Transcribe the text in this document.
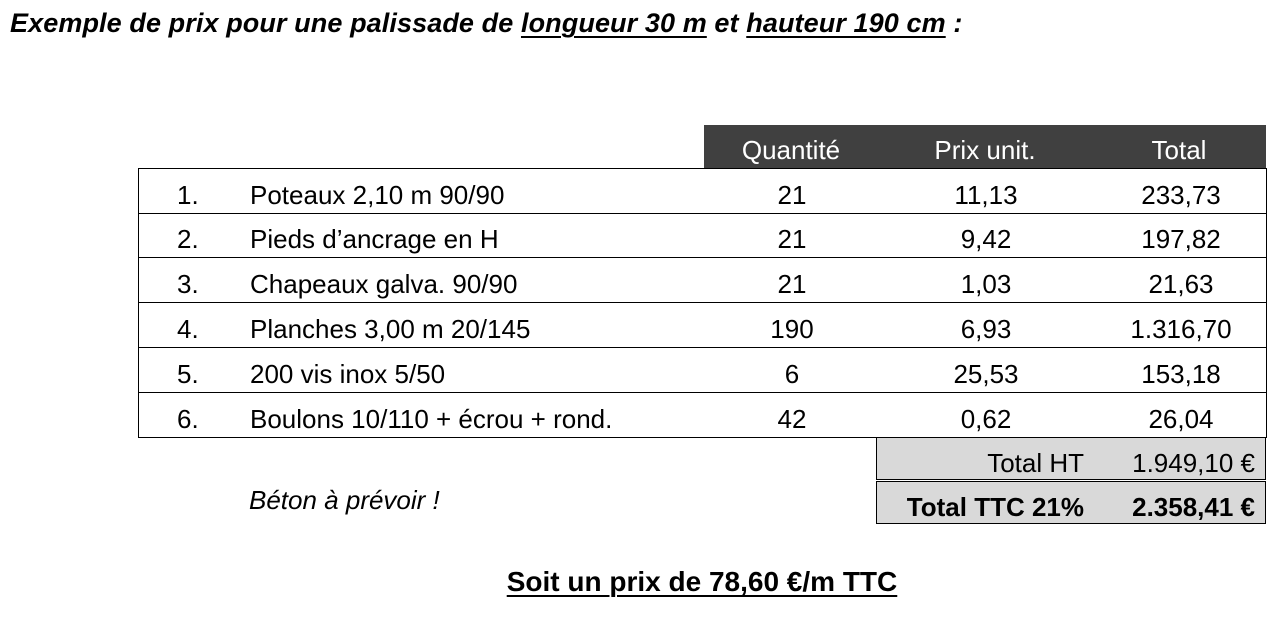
Exemple de prix pour une palissade de longueur 30 m et hauteur 190 cm :
Quantité	Prix unit.	Total
1. Poteaux 2,10 m 90/90	21	11,13	233,73
2. Pieds d’ancrage en H	21	9,42	197,82
3. Chapeaux galva. 90/90	21	1,03	21,63
4. Planches 3,00 m 20/145	190	6,93	1.316,70
5. 200 vis inox 5/50	6	25,53	153,18
6. Boulons 10/110 + écrou + rond.	42	0,62	26,04
Total HT 1.949,10 €
Total TTC 21% 2.358,41 €
Béton à prévoir !
Soit un prix de 78,60 €/m TTC
